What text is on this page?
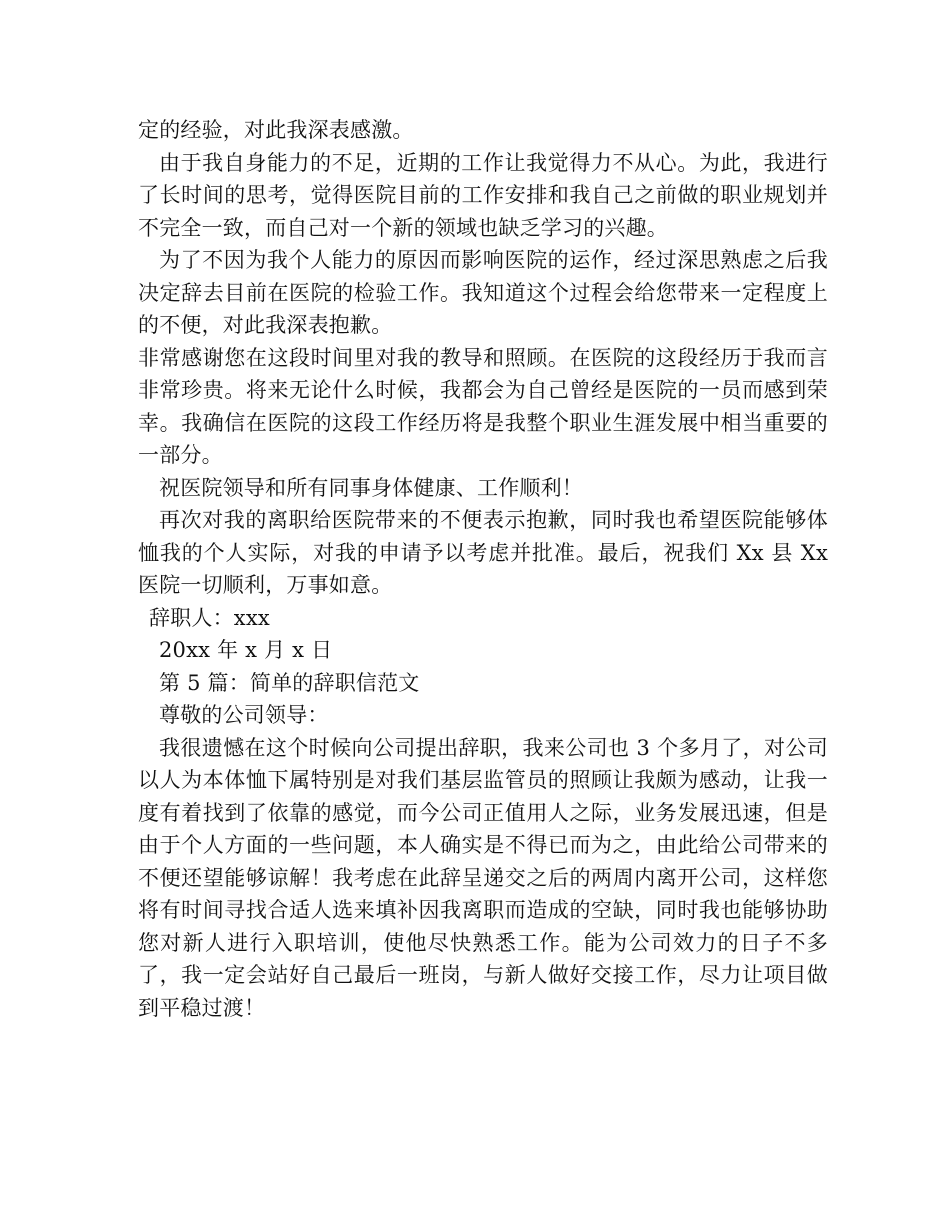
定的经验，对此我深表感激。

由于我自身能力的不足，近期的工作让我觉得力不从心。为此，我进行了长时间的思考，觉得医院目前的工作安排和我自己之前做的职业规划并不完全一致，而自己对一个新的领域也缺乏学习的兴趣。

为了不因为我个人能力的原因而影响医院的运作，经过深思熟虑之后我决定辞去目前在医院的检验工作。我知道这个过程会给您带来一定程度上的不便，对此我深表抱歉。

非常感谢您在这段时间里对我的教导和照顾。在医院的这段经历于我而言非常珍贵。将来无论什么时候，我都会为自己曾经是医院的一员而感到荣幸。我确信在医院的这段工作经历将是我整个职业生涯发展中相当重要的一部分。

祝医院领导和所有同事身体健康、工作顺利！

再次对我的离职给医院带来的不便表示抱歉，同时我也希望医院能够体恤我的个人实际，对我的申请予以考虑并批准。最后，祝我们 Xx 县 Xx 医院一切顺利，万事如意。

辞职人：xxx

20xx 年 x 月 x 日

第 5 篇：简单的辞职信范文

尊敬的公司领导：

我很遗憾在这个时候向公司提出辞职，我来公司也 3 个多月了，对公司以人为本体恤下属特别是对我们基层监管员的照顾让我颇为感动，让我一度有着找到了依靠的感觉，而今公司正值用人之际，业务发展迅速，但是由于个人方面的一些问题，本人确实是不得已而为之，由此给公司带来的不便还望能够谅解！我考虑在此辞呈递交之后的两周内离开公司，这样您将有时间寻找合适人选来填补因我离职而造成的空缺，同时我也能够协助您对新人进行入职培训，使他尽快熟悉工作。能为公司效力的日子不多了，我一定会站好自己最后一班岗，与新人做好交接工作，尽力让项目做到平稳过渡！
